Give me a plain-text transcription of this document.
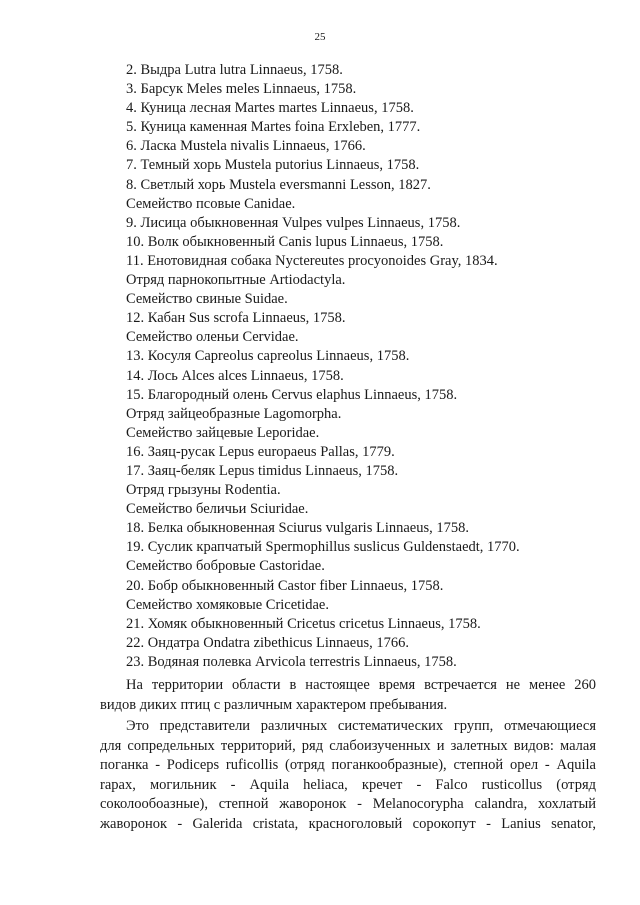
25
2. Выдра Lutra lutra Linnaeus, 1758.
3. Барсук Meles meles Linnaeus, 1758.
4. Куница лесная Martes martes Linnaeus, 1758.
5. Куница каменная Martes foina Erxleben, 1777.
6. Ласка Mustela nivalis Linnaeus, 1766.
7. Темный хорь Mustela putorius Linnaeus, 1758.
8. Светлый хорь Mustela eversmanni Lesson, 1827.
Семейство псовые Canidae.
9. Лисица обыкновенная Vulpes vulpes Linnaeus, 1758.
10. Волк обыкновенный Canis lupus Linnaeus, 1758.
11. Енотовидная собака Nyctereutes procyonoides Gray, 1834.
Отряд парнокопытные Artiodactyla.
Семейство свиные Suidae.
12. Кабан Sus scrofa Linnaeus, 1758.
Семейство оленьи Cervidae.
13. Косуля Capreolus capreolus Linnaeus, 1758.
14. Лось Alces alces Linnaeus, 1758.
15. Благородный олень Cervus elaphus Linnaeus, 1758.
Отряд зайцеобразные Lagomorpha.
Семейство зайцевые Leporidae.
16. Заяц-русак Lepus europaeus Pallas, 1779.
17. Заяц-беляк Lepus timidus Linnaeus, 1758.
Отряд грызуны Rodentia.
Семейство беличьи Sciuridae.
18. Белка обыкновенная Sciurus vulgaris Linnaeus, 1758.
19. Суслик крапчатый Spermophillus suslicus Guldenstaedt, 1770.
Семейство бобровые Castoridae.
20. Бобр обыкновенный Castor fiber Linnaeus, 1758.
Семейство хомяковые Cricetidae.
21. Хомяк обыкновенный Cricetus cricetus Linnaeus, 1758.
22. Ондатра Ondatra zibethicus Linnaeus, 1766.
23. Водяная полевка Arvicola terrestris Linnaeus, 1758.
На территории области в настоящее время встречается не менее 260
видов диких птиц с различным характером пребывания.
Это представители различных систематических групп, отмечающиеся
для сопредельных территорий, ряд слабоизученных и залетных видов: малая
поганка - Podiceps ruficollis (отряд поганкообразные), степной орел - Aquila
rapax, могильник - Aquila heliaca, кречет - Falco rusticollus (отряд
соколообоазные), степной жаворонок - Melanocorypha calandra, хохлатый
жаворонок - Galerida cristata, красноголовый сорокопут - Lanius senator,
